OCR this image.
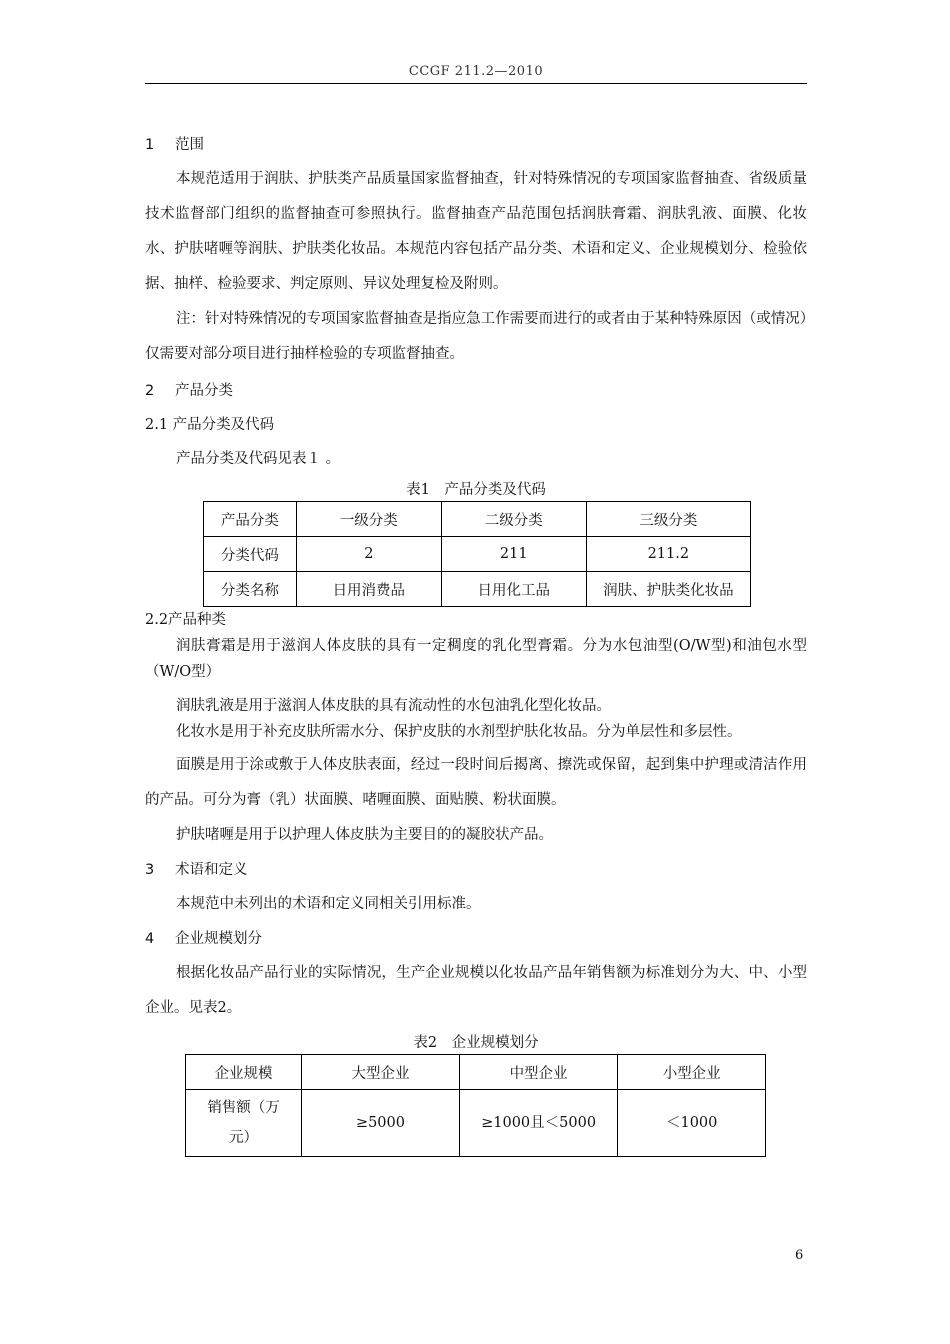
CCGF 211.2—2010

1 范围

本规范适用于润肤、护肤类产品质量国家监督抽查，针对特殊情况的专项国家监督抽查、省级质量技术监督部门组织的监督抽查可参照执行。监督抽查产品范围包括润肤膏霜、润肤乳液、面膜、化妆水、护肤啫喱等润肤、护肤类化妆品。本规范内容包括产品分类、术语和定义、企业规模划分、检验依据、抽样、检验要求、判定原则、异议处理复检及附则。

注：针对特殊情况的专项国家监督抽查是指应急工作需要而进行的或者由于某种特殊原因（或情况）仅需要对部分项目进行抽样检验的专项监督抽查。

2 产品分类

2.1 产品分类及代码

产品分类及代码见表１ 。

表1　产品分类及代码

产品分类	一级分类	二级分类	三级分类
分类代码	2	211	211.2
分类名称	日用消费品	日用化工品	润肤、护肤类化妆品

2.2产品种类

润肤膏霜是用于滋润人体皮肤的具有一定稠度的乳化型膏霜。分为水包油型(O/W型)和油包水型（W/O型）

润肤乳液是用于滋润人体皮肤的具有流动性的水包油乳化型化妆品。

化妆水是用于补充皮肤所需水分、保护皮肤的水剂型护肤化妆品。分为单层性和多层性。

面膜是用于涂或敷于人体皮肤表面，经过一段时间后揭离、擦洗或保留，起到集中护理或清洁作用的产品。可分为膏（乳）状面膜、啫喱面膜、面贴膜、粉状面膜。

护肤啫喱是用于以护理人体皮肤为主要目的的凝胶状产品。

3 术语和定义

本规范中未列出的术语和定义同相关引用标准。

4 企业规模划分

根据化妆品产品行业的实际情况，生产企业规模以化妆品产品年销售额为标准划分为大、中、小型企业。见表2。

表2　企业规模划分

企业规模	大型企业	中型企业	小型企业
销售额（万元）	≥5000	≥1000且＜5000	＜1000
6
